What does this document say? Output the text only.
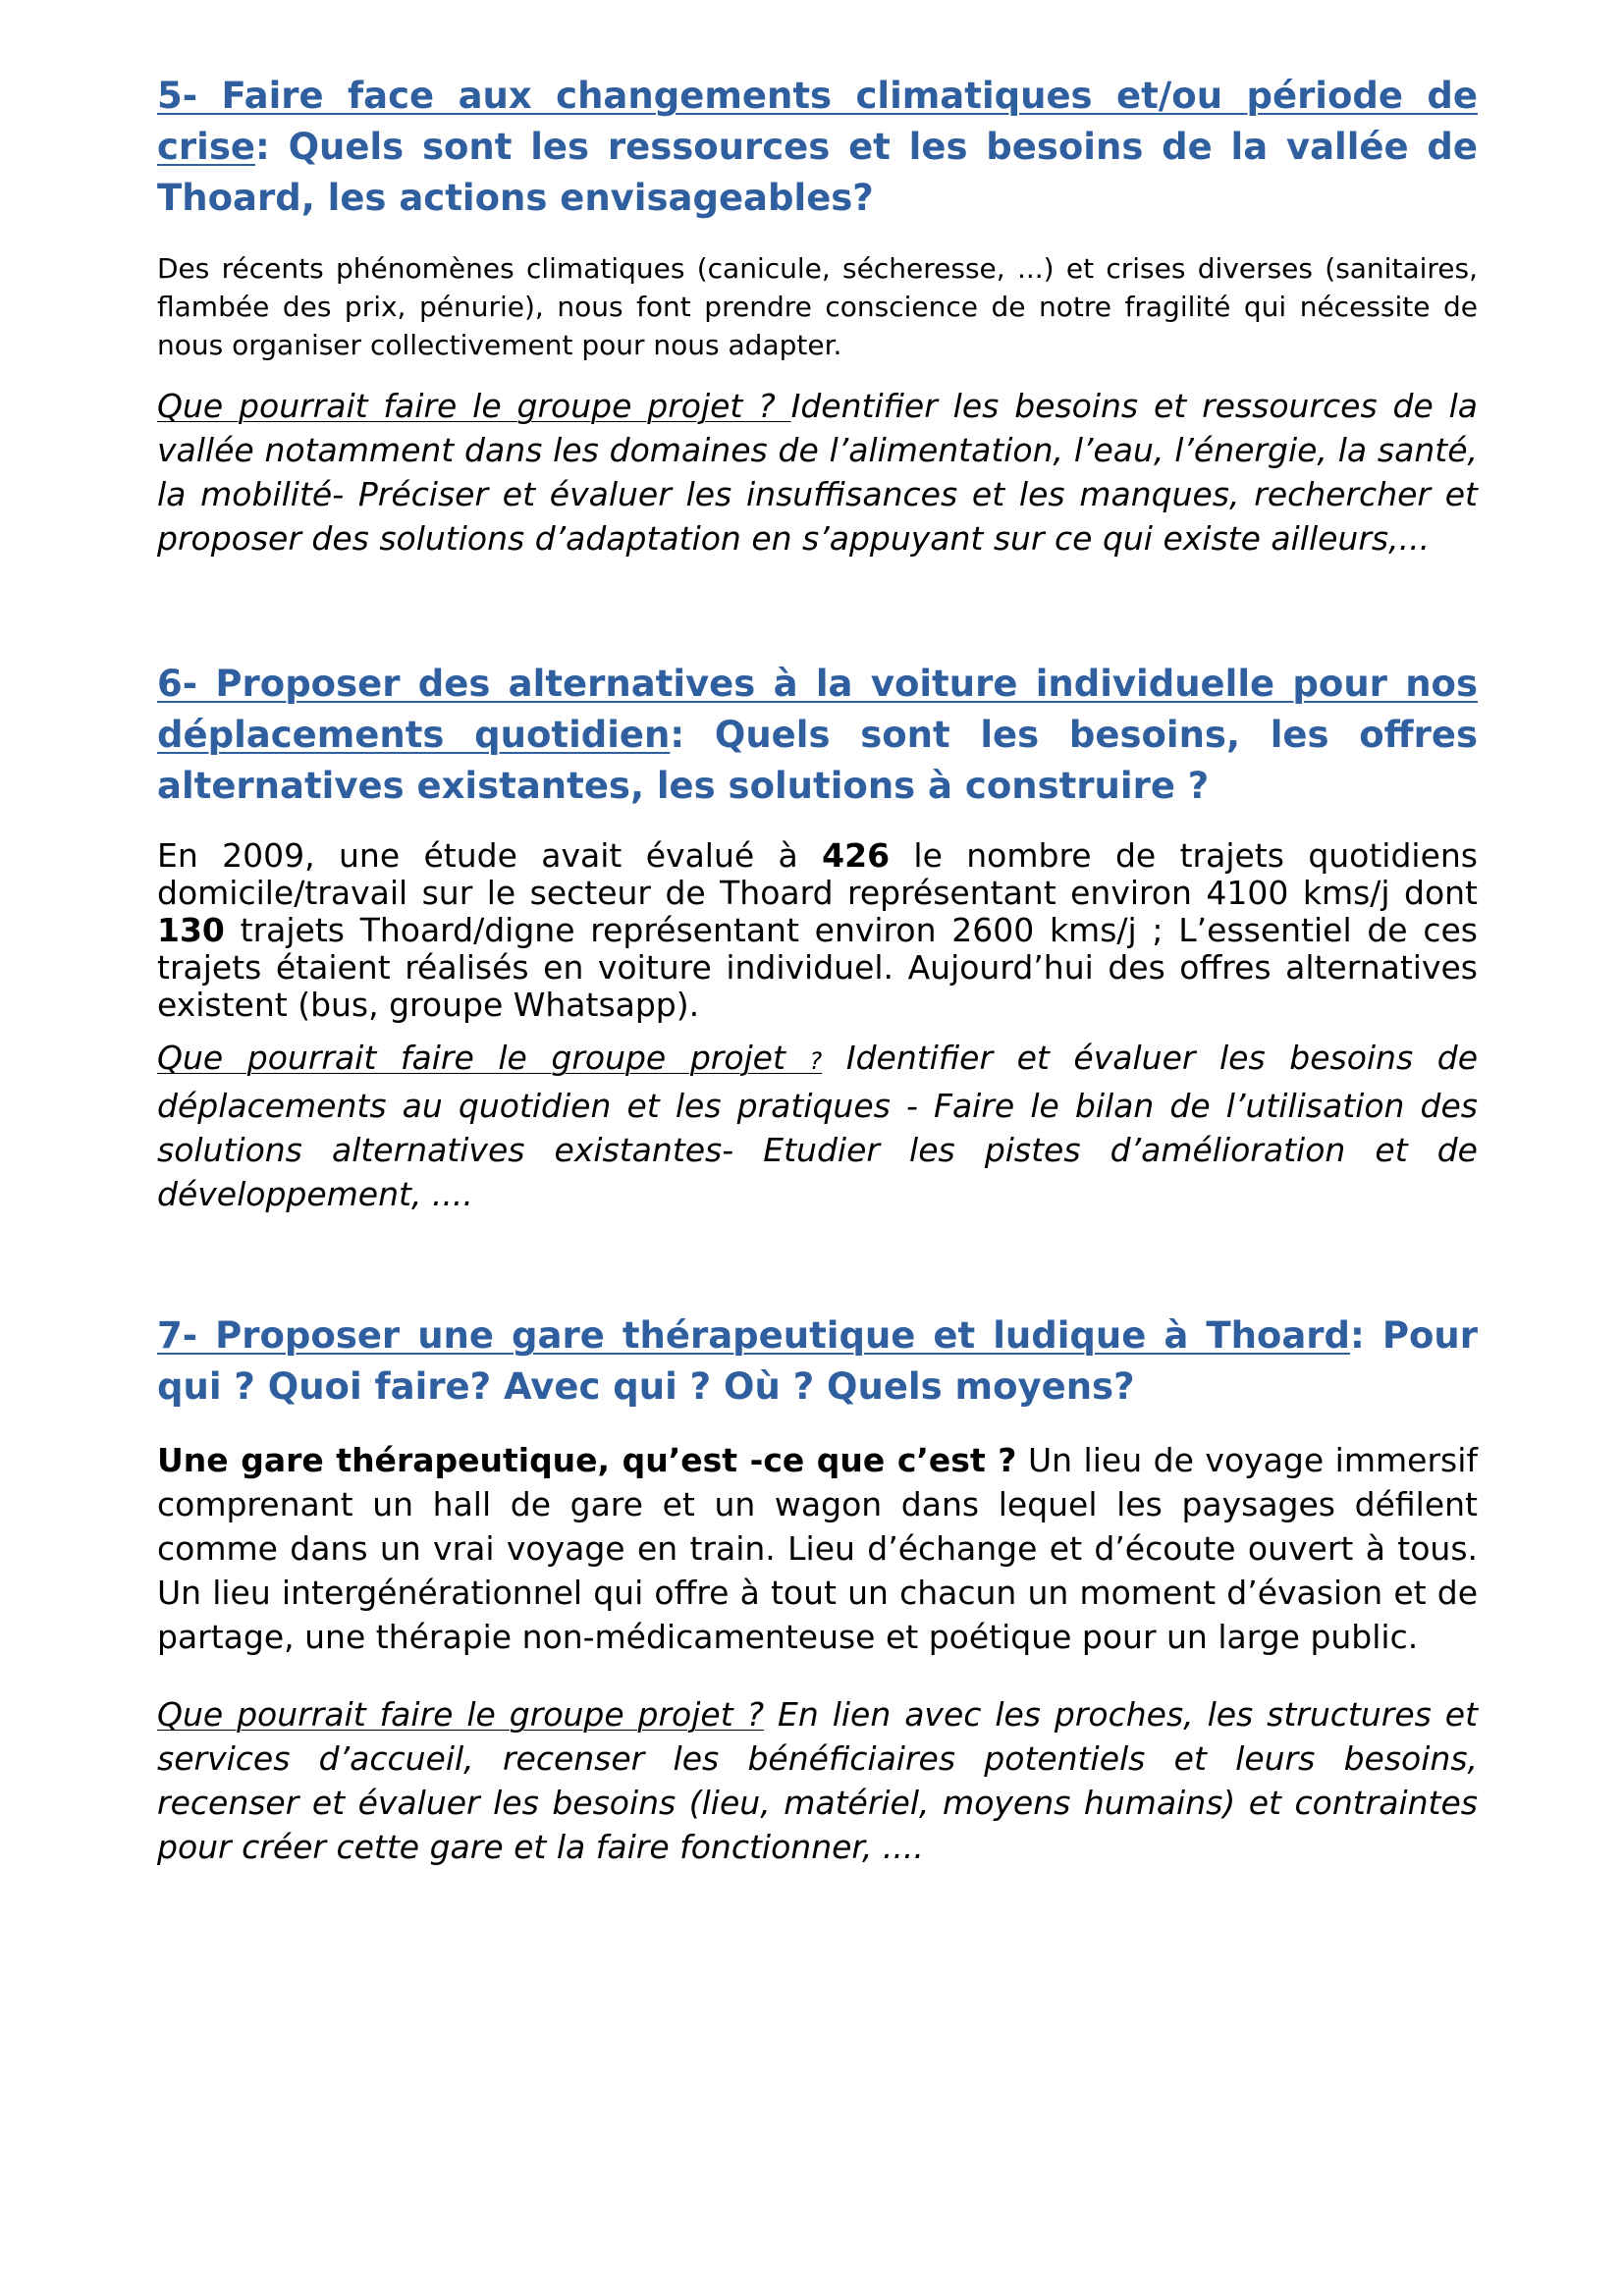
5- Faire face aux changements climatiques et/ou période de crise: Quels sont les ressources et les besoins de la vallée de Thoard, les actions envisageables?

Des récents phénomènes climatiques (canicule, sécheresse, ...) et crises diverses (sanitaires, flambée des prix, pénurie), nous font prendre conscience de notre fragilité qui nécessite de nous organiser collectivement pour nous adapter.

Que pourrait faire le groupe projet ? Identifier les besoins et ressources de la vallée notamment dans les domaines de l’alimentation, l’eau, l’énergie, la santé, la mobilité- Préciser et évaluer les insuffisances et les manques, rechercher et proposer des solutions d’adaptation en s’appuyant sur ce qui existe ailleurs,...

6- Proposer des alternatives à la voiture individuelle pour nos déplacements quotidien: Quels sont les besoins, les offres alternatives existantes, les solutions à construire ?

En 2009, une étude avait évalué à 426 le nombre de trajets quotidiens domicile/travail sur le secteur de Thoard représentant environ 4100 kms/j dont 130 trajets Thoard/digne représentant environ 2600 kms/j ; L’essentiel de ces trajets étaient réalisés en voiture individuel. Aujourd’hui des offres alternatives existent (bus, groupe Whatsapp).

Que pourrait faire le groupe projet ? Identifier et évaluer les besoins de déplacements au quotidien et les pratiques - Faire le bilan de l’utilisation des solutions alternatives existantes- Etudier les pistes d’amélioration et de développement, ....

7- Proposer une gare thérapeutique et ludique à Thoard: Pour qui ? Quoi faire? Avec qui ? Où ? Quels moyens?

Une gare thérapeutique, qu’est -ce que c’est ? Un lieu de voyage immersif comprenant un hall de gare et un wagon dans lequel les paysages défilent comme dans un vrai voyage en train. Lieu d’échange et d’écoute ouvert à tous. Un lieu intergénérationnel qui offre à tout un chacun un moment d’évasion et de partage, une thérapie non-médicamenteuse et poétique pour un large public.

Que pourrait faire le groupe projet ? En lien avec les proches, les structures et services d’accueil, recenser les bénéficiaires potentiels et leurs besoins, recenser et évaluer les besoins (lieu, matériel, moyens humains) et contraintes pour créer cette gare et la faire fonctionner, ....
